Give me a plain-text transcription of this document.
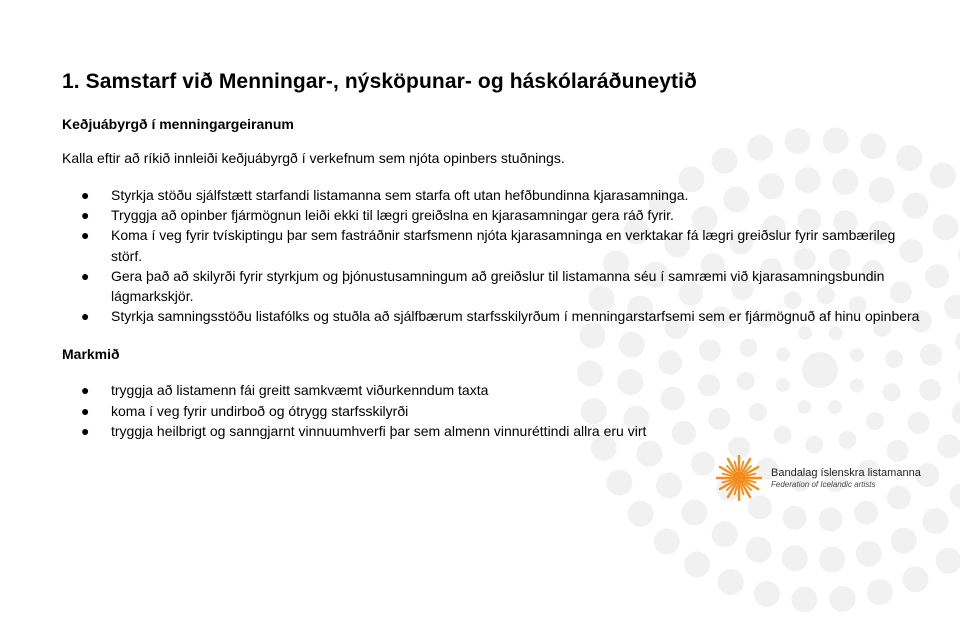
1. Samstarf við Menningar-, nýsköpunar- og háskólaráðuneytið
Keðjuábyrgð í menningargeiranum
Kalla eftir að ríkið innleiði keðjuábyrgð í verkefnum sem njóta opinbers stuðnings.
● Styrkja stöðu sjálfstætt starfandi listamanna sem starfa oft utan hefðbundinna kjarasamninga.
● Tryggja að opinber fjármögnun leiði ekki til lægri greiðslna en kjarasamningar gera ráð fyrir.
● Koma í veg fyrir tvískiptingu þar sem fastráðnir starfsmenn njóta kjarasamninga en verktakar fá lægri greiðslur fyrir sambærileg störf.
● Gera það að skilyrði fyrir styrkjum og þjónustusamningum að greiðslur til listamanna séu í samræmi við kjarasamningsbundin lágmarkskjör.
● Styrkja samningsstöðu listafólks og stuðla að sjálfbærum starfsskilyrðum í menningarstarfsemi sem er fjármögnuð af hinu opinbera
Markmið
● tryggja að listamenn fái greitt samkvæmt viðurkenndum taxta
● koma í veg fyrir undirboð og ótrygg starfsskilyrði
● tryggja heilbrigt og sanngjarnt vinnuumhverfi þar sem almenn vinnuréttindi allra eru virt
Bandalag íslenskra listamanna
Federation of Icelandic artists
